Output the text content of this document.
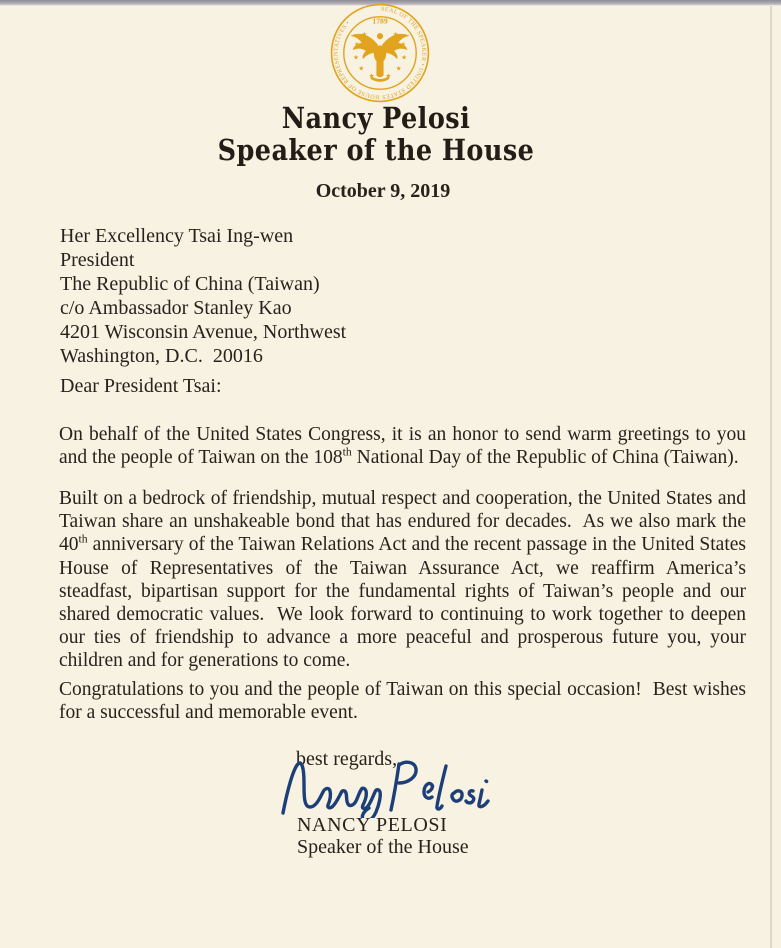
SEAL OF THE SPEAKER • UNITED STATES HOUSE OF REPRESENTATIVES •	1789
★	★
★	★
★	★
★	★
★ ★
★	★
Nancy Pelosi
Speaker of the House
October 9, 2019
Her Excellency Tsai Ing-wen
President
The Republic of China (Taiwan)
c/o Ambassador Stanley Kao
4201 Wisconsin Avenue, Northwest
Washington, D.C.  20016
Dear President Tsai:
On behalf of the United States Congress, it is an honor to send warm greetings to you and the people of Taiwan on the 108th National Day of the Republic of China (Taiwan).
Built on a bedrock of friendship, mutual respect and cooperation, the United States and Taiwan share an unshakeable bond that has endured for decades.  As we also mark the 40th anniversary of the Taiwan Relations Act and the recent passage in the United States House of Representatives of the Taiwan Assurance Act, we reaffirm America’s steadfast, bipartisan support for the fundamental rights of Taiwan’s people and our shared democratic values.  We look forward to continuing to work together to deepen our ties of friendship to advance a more peaceful and prosperous future you, your children and for generations to come.
Congratulations to you and the people of Taiwan on this special occasion!  Best wishes for a successful and memorable event.
best regards,
NANCY PELOSI
Speaker of the House
